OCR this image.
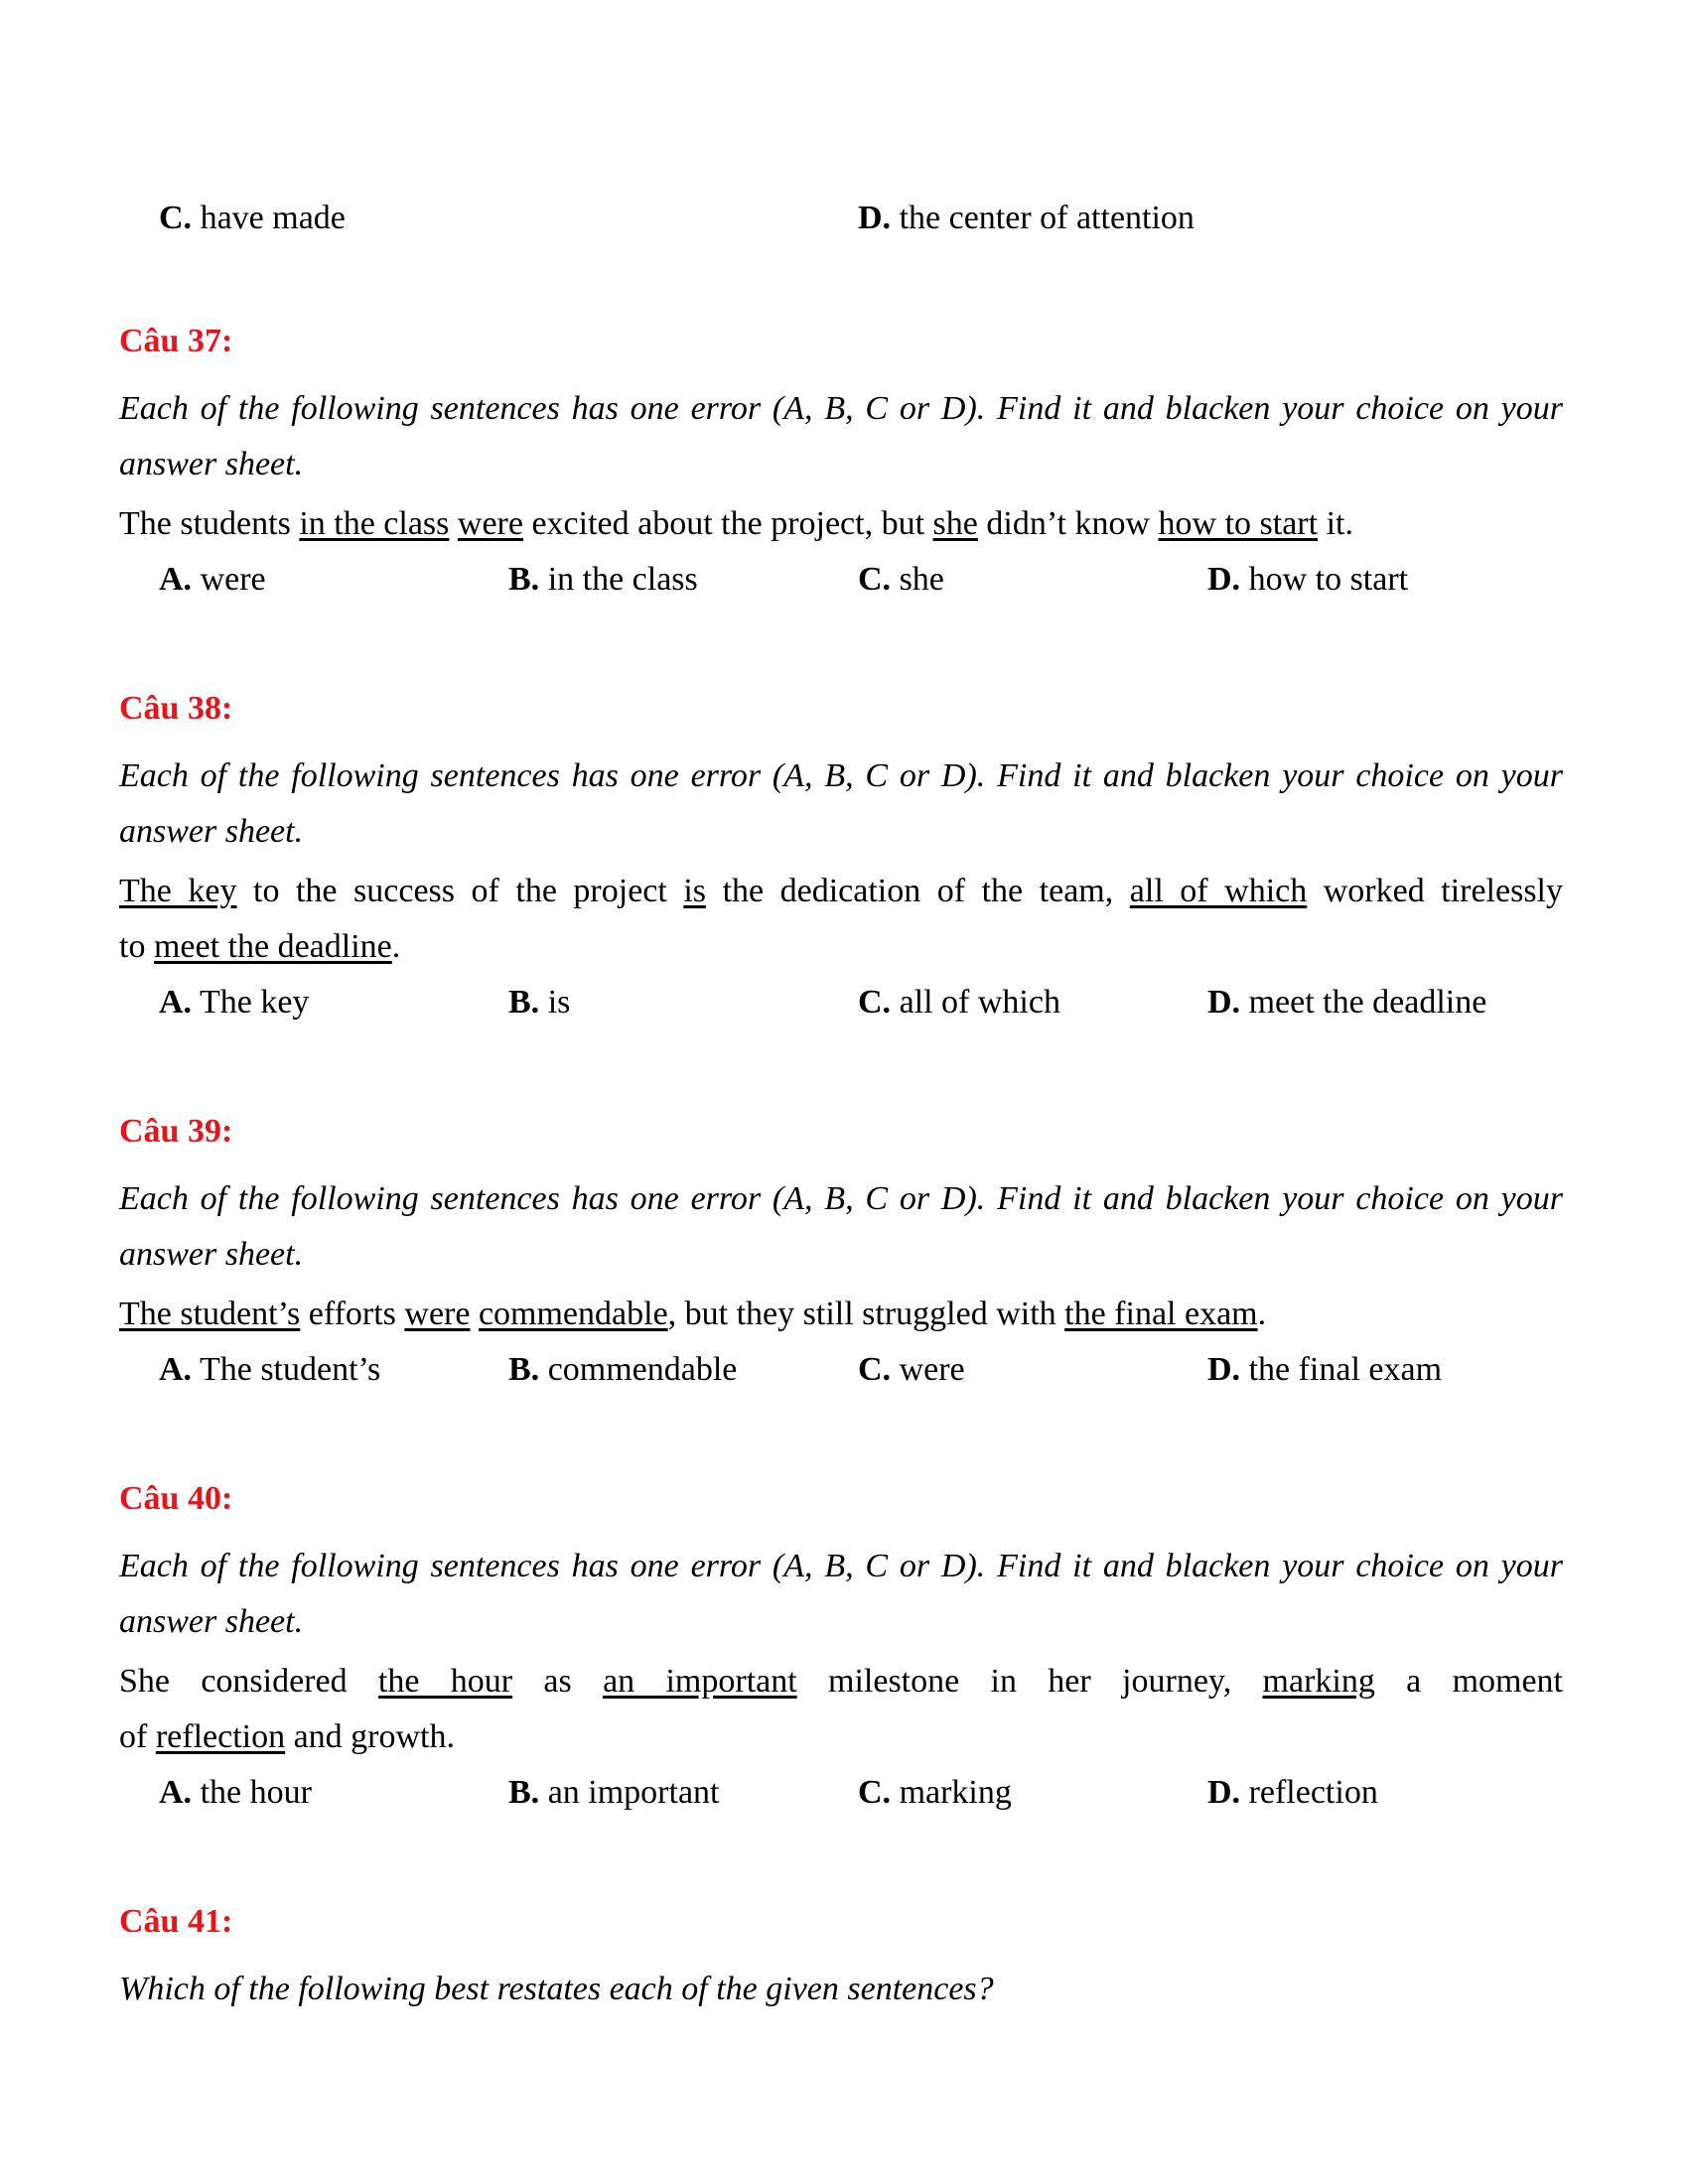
C. have made	D. the center of attention
Câu 37:
Each of the following sentences has one error (A, B, C or D). Find it and blacken your choice on your answer sheet.
The students in the class were excited about the project, but she didn’t know how to start it.
A. were	B. in the class	C. she	D. how to start
Câu 38:
Each of the following sentences has one error (A, B, C or D). Find it and blacken your choice on your answer sheet.
The key to the success of the project is the dedication of the team, all of which worked tirelessly
to meet the deadline.
A. The key	B. is	C. all of which	D. meet the deadline
Câu 39:
Each of the following sentences has one error (A, B, C or D). Find it and blacken your choice on your answer sheet.
The student’s efforts were commendable, but they still struggled with the final exam.
A. The student’s	B. commendable	C. were	D. the final exam
Câu 40:
Each of the following sentences has one error (A, B, C or D). Find it and blacken your choice on your answer sheet.
She considered the hour as an important milestone in her journey, marking a moment
of reflection and growth.
A. the hour	B. an important	C. marking	D. reflection
Câu 41:
Which of the following best restates each of the given sentences?
